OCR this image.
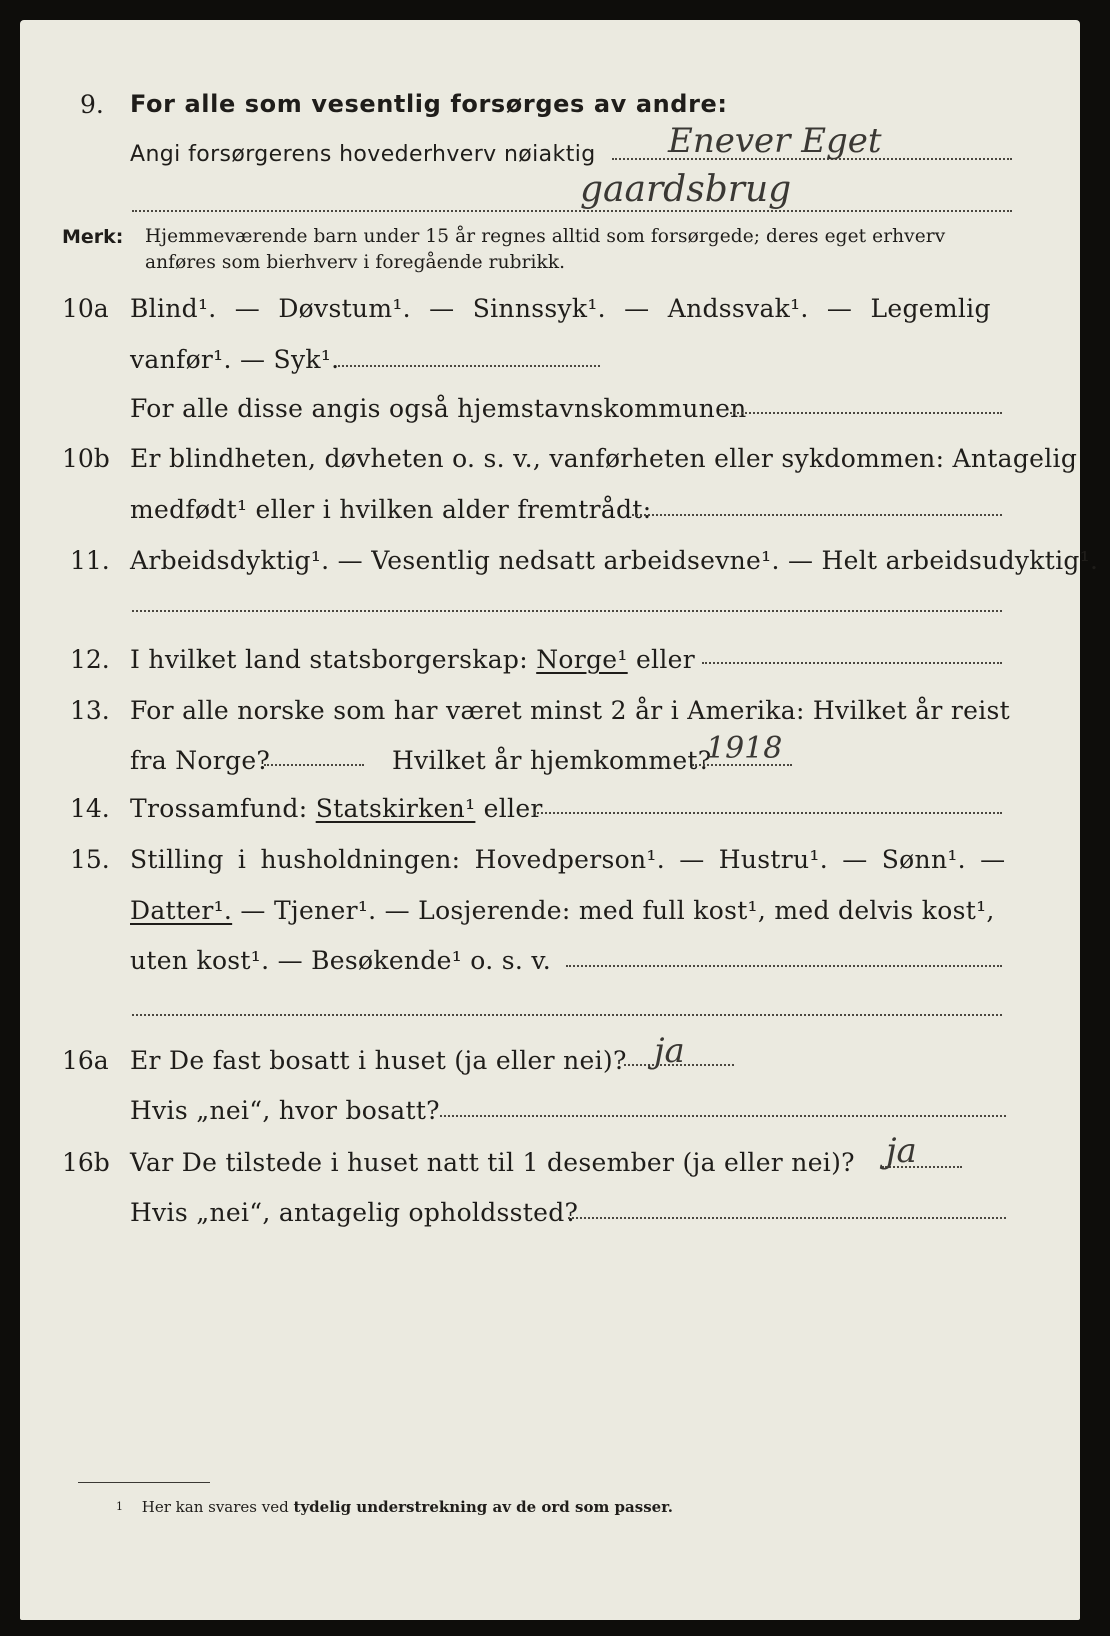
9. For alle som vesentlig forsørges av andre:
Angi forsørgerens hovederhverv nøiaktig Enever Eget
gaardsbrug
Merk: Hjemmeværende barn under 15 år regnes alltid som forsørgede; deres eget erhverv
anføres som bierhverv i foregående rubrikk.
10a Blind¹. — Døvstum¹. — Sinnssyk¹. — Andssvak¹. — Legemlig
vanfør¹. — Syk¹.
For alle disse angis også hjemstavnskommunen
10b Er blindheten, døvheten o. s. v., vanførheten eller sykdommen: Antagelig
medfødt¹ eller i hvilken alder fremtrådt:
11. Arbeidsdyktig¹. — Vesentlig nedsatt arbeidsevne¹. — Helt arbeidsudyktig¹.
12. I hvilket land statsborgerskap: Norge¹ eller
13. For alle norske som har været minst 2 år i Amerika: Hvilket år reist
fra Norge?	Hvilket år hjemkommet?
1918
14. Trossamfund: Statskirken¹ eller
15. Stilling i husholdningen: Hovedperson¹. — Hustru¹. — Sønn¹. —
Datter¹. — Tjener¹. — Losjerende: med full kost¹, med delvis kost¹,
uten kost¹. — Besøkende¹ o. s. v.
16a Er De fast bosatt i huset (ja eller nei)? ja
Hvis „nei“, hvor bosatt?
16b Var De tilstede i huset natt til 1 desember (ja eller nei)? ja
Hvis „nei“, antagelig opholdssted?
1 Her kan svares ved tydelig understrekning av de ord som passer.
